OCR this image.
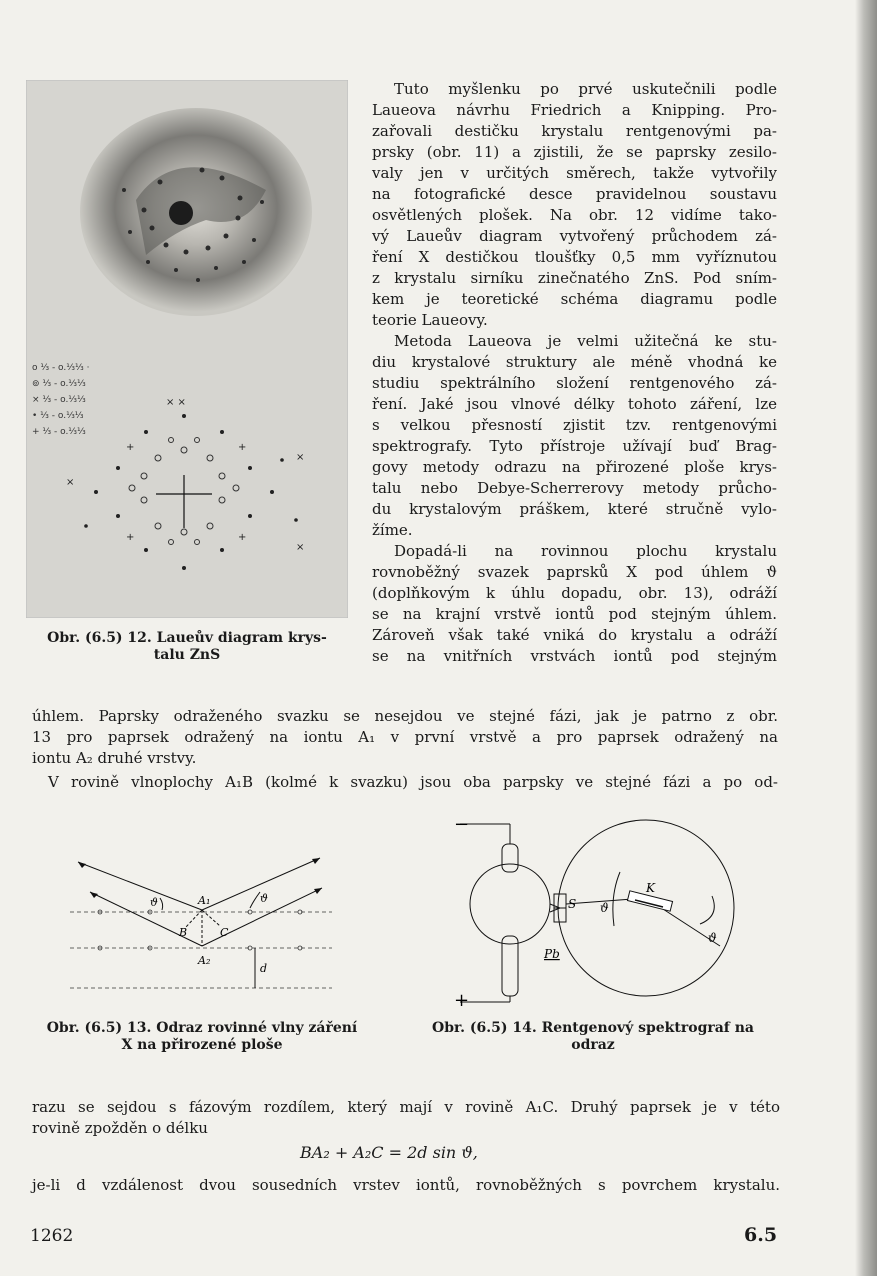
o ⅓ - o.⅓⅓ ·
⊚ ⅓ - o.⅓⅓
× ⅓ - o.⅓⅓
• ⅓ - o.⅓⅓
+ ⅓ - o.⅓⅓
× ×
+	+
+	+
×
×
×
Obr. (6.5) 12. Laueův diagram krys-
talu ZnS
Tuto myšlenku po prvé uskutečnili podle
Laueova návrhu Friedrich a Knipping. Pro-
zařovali destičku krystalu rentgenovými pa-
prsky (obr. 11) a zjistili, že se paprsky zesilo-
valy jen v určitých směrech, takže vytvořily
na fotografické desce pravidelnou soustavu
osvětlených plošek. Na obr. 12 vidíme tako-
vý Laueův diagram vytvořený průchodem zá-
ření X destičkou tloušťky 0,5 mm vyříznutou
z krystalu sirníku zinečnatého ZnS. Pod sním-
kem je teoretické schéma diagramu podle
teorie Laueovy.
Metoda Laueova je velmi užitečná ke stu-
diu krystalové struktury ale méně vhodná ke
studiu spektrálního složení rentgenového zá-
ření. Jaké jsou vlnové délky tohoto záření, lze
s velkou přesností zjistit tzv. rentgenovými
spektrografy. Tyto přístroje užívají buď Brag-
govy metody odrazu na přirozené ploše krys-
talu nebo Debye-Scherrerovy metody průcho-
du krystalovým práškem, které stručně vylo-
žíme.
Dopadá-li na rovinnou plochu krystalu
rovnoběžný svazek paprsků X pod úhlem ϑ
(doplňkovým k úhlu dopadu, obr. 13), odráží
se na krajní vrstvě iontů pod stejným úhlem.
Zároveň však také vniká do krystalu a odráží
se na vnitřních vrstvách iontů pod stejným
úhlem. Paprsky odraženého svazku se nesejdou ve stejné fázi, jak je patrno z obr.
13 pro paprsek odražený na iontu A₁ v první vrstvě a pro paprsek odražený na
iontu A₂ druhé vrstvy.
V rovině vlnoplochy A₁B (kolmé k svazku) jsou oba parpsky ve stejné fázi a po od-
A₁
A₂
B	C
d
ϑ	ϑ
Obr. (6.5) 13. Odraz rovinné vlny záření
X na přirozené ploše
−
+
S
Pb
K
ϑ
ϑ
Obr. (6.5) 14. Rentgenový spektrograf na
odraz
razu se sejdou s fázovým rozdílem, který mají v rovině A₁C. Druhý paprsek je v této
rovině zpožděn o délku
BA₂ + A₂C = 2d sin ϑ,
je-li d vzdálenost dvou sousedních vrstev iontů, rovnoběžných s povrchem krystalu.
1262	6.5
